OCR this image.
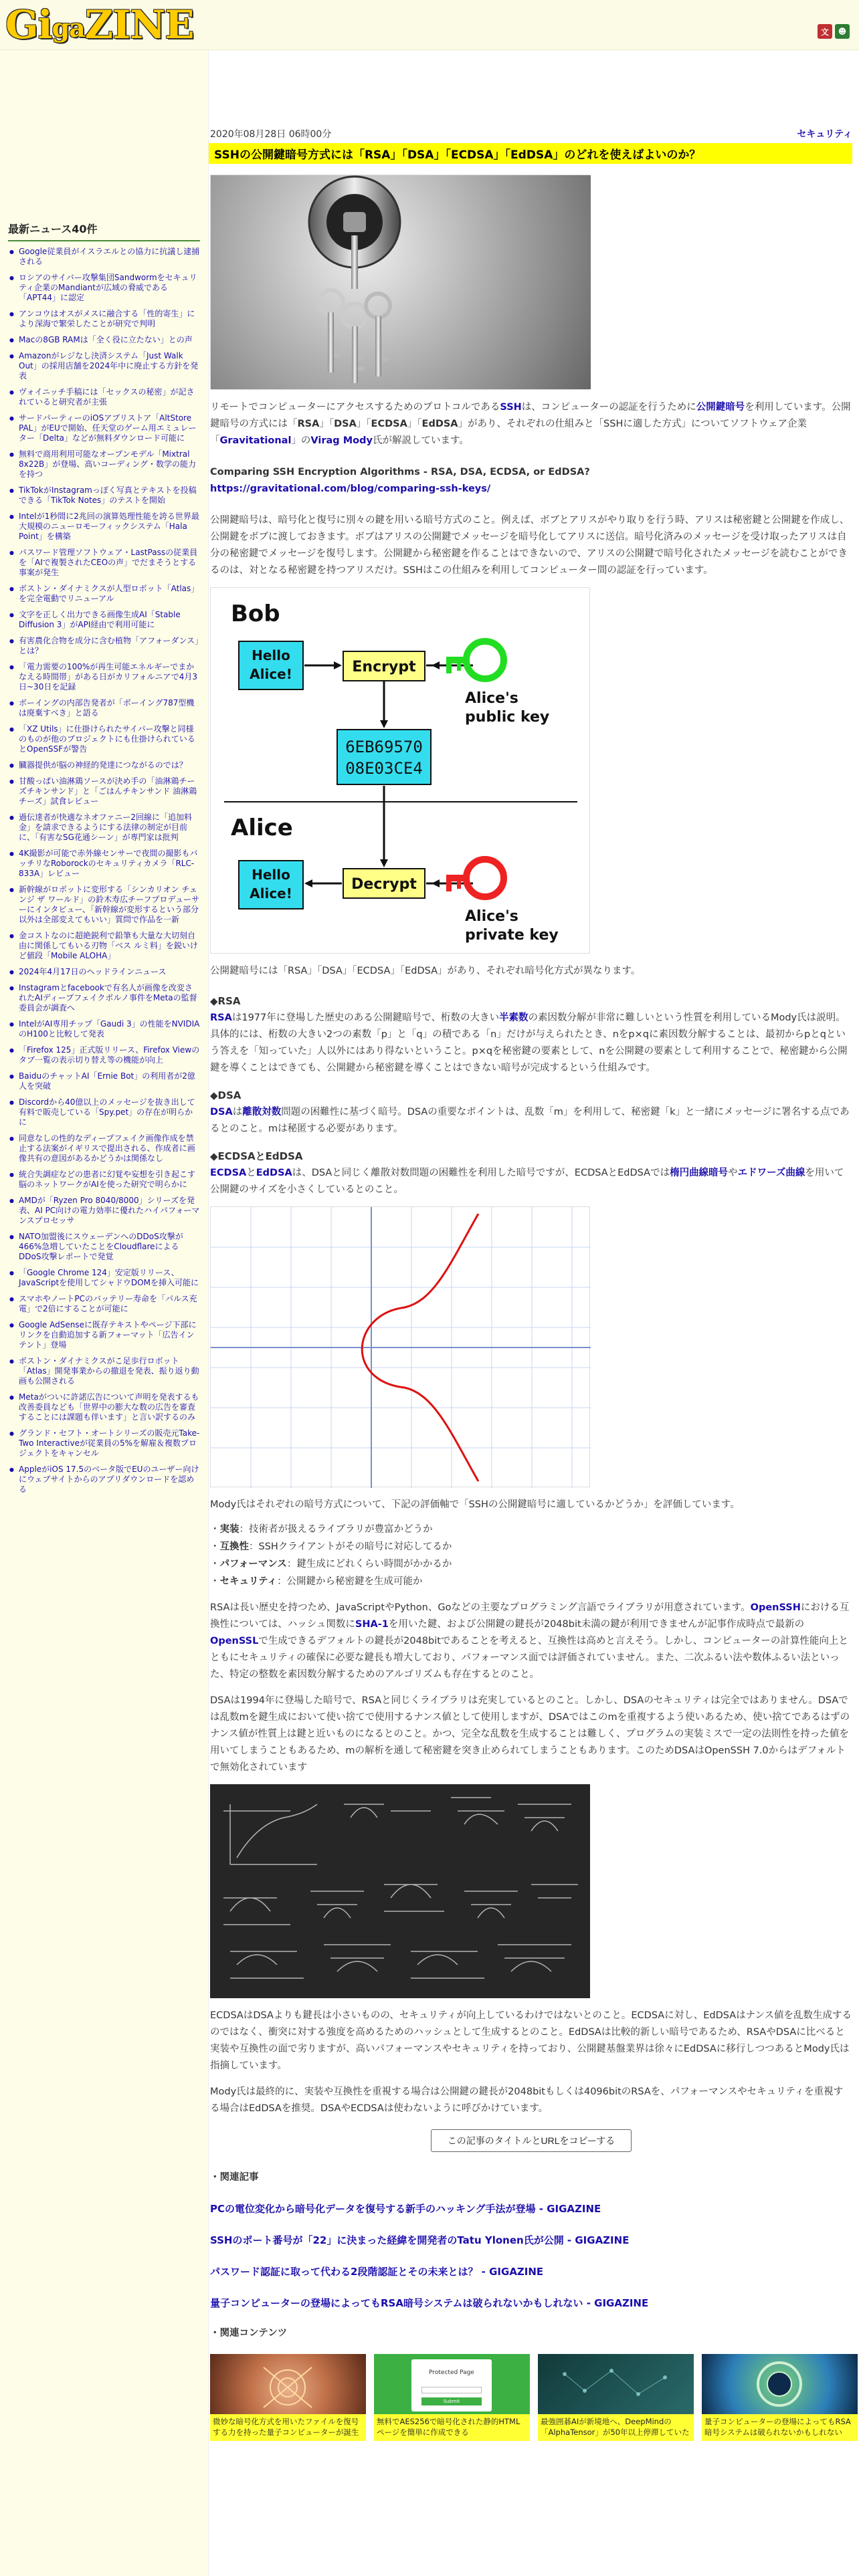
Gi ga ZINE	文	☻
最新ニュース40件
● Google従業員がイスラエルとの協力に抗議し逮捕される
● ロシアのサイバー攻撃集団Sandwormをセキュリティ企業のMandiantが広域の脅威である「APT44」に認定
● アンコウはオスがメスに融合する「性的寄生」により深海で繁栄したことが研究で判明
● Macの8GB RAMは「全く役に立たない」との声
● Amazonがレジなし決済システム「Just Walk Out」の採用店舗を2024年中に廃止する方針を発表
● ヴォイニッチ手稿には「セックスの秘密」が記されていると研究者が主張
● サードパーティーのiOSアプリストア「AltStore PAL」がEUで開始、任天堂のゲーム用エミュレーター「Delta」などが無料ダウンロード可能に
● 無料で商用利用可能なオープンモデル「Mixtral 8x22B」が登場、高いコーディング・数学の能力を持つ
● TikTokがInstagramっぽく写真とテキストを投稿できる「TikTok Notes」のテストを開始
● Intelが1秒間に2兆回の演算処理性能を誇る世界最大規模のニューロモーフィックシステム「Hala Point」を構築
● パスワード管理ソフトウェア・LastPassの従業員を「AIで複製されたCEOの声」でだまそうとする事案が発生
● ボストン・ダイナミクスが人型ロボット「Atlas」を完全電動でリニューアル
● 文字を正しく出力できる画像生成AI「Stable Diffusion 3」がAPI経由で利用可能に
● 有害農化合物を成分に含む植物「アフォーダンス」とは？
● 「電力需要の100%が再生可能エネルギーでまかなえる時間帯」がある日がカリフォルニアで4月3日~30日を記録
● ボーイングの内部告発者が「ボーイング787型機は廃棄すべき」と語る
● 「XZ Utils」に仕掛けられたサイバー攻撃と同様のものが他のプロジェクトにも仕掛けられているとOpenSSFが警告
● 臓器提供が脳の神経的発達につながるのでは？
● 甘酸っぱい油淋鶏ソースが決め手の「油淋鶏チーズチキンサンド」と「ごはんチキンサンド 油淋鶏チーズ」試食レビュー
● 過伝達者が快適なネオファニー2回線に「追加料金」を請求できるようにする法律の制定が目前に、「有害なSG花通シーン」が専門家は批判
● 4K撮影が可能で赤外線センサーで夜間の撮影もバッチリなRoborockのセキュリティカメラ「RLC-833A」レビュー
● 新幹線がロボットに変形する「シンカリオン チェンジ ザ ワールド」の鈴木寿広チーフプロデューサーにインタビュー、「新幹線が変形するという部分以外は全部変えてもいい」質問で作品を一新
● 金コストなのに超絶鋭利で鉛筆も大量な大切刻自由に関係してもいる刃物「ベス ルミ料」を鋭いけど値段「Mobile ALOHA」
● 2024年4月17日のヘッドラインニュース
● Instagramとfacebookで有名人が画像を改変されたAIディープフェイクポルノ事件をMetaの監督委員会が調査へ
● IntelがAI専用チップ「Gaudi 3」の性能をNVIDIAのH100と比較して発表
● 「Firefox 125」正式版リリース、Firefox Viewのタブ一覧の表示切り替え等の機能が向上
● BaiduのチャットAI「Ernie Bot」の利用者が2億人を突破
● Discordから40億以上のメッセージを抜き出して有料で販売している「Spy.pet」の存在が明らかに
● 同意なしの性的なディープフェイク画像作成を禁止する法案がイギリスで提出される、作成者に画像共有の意図があるかどうかは関係なし
● 統合失調症などの患者に幻覚や妄想を引き起こす脳のネットワークがAIを使った研究で明らかに
● AMDが「Ryzen Pro 8040/8000」シリーズを発表、AI PC向けの電力効率に優れたハイパフォーマンスプロセッサ
● NATO加盟後にスウェーデンへのDDoS攻撃が466%急増していたことをCloudflareによるDDoS攻撃レポートで発覚
● 「Google Chrome 124」安定版リリース、JavaScriptを使用してシャドウDOMを挿入可能に
● スマホやノートPCのバッテリー寿命を「パルス充電」で2倍にすることが可能に
● Google AdSenseに既存テキストやページ下部にリンクを自動追加する新フォーマット「広告インテント」登場
● ボストン・ダイナミクスがこ足歩行ロボット「Atlas」開発事業からの撤退を発表、振り返り動画も公開される
● Metaがついに許諾広告について声明を発表するも改善委員なども「世界中の膨大な数の広告を審査することには課題も伴います」と言い訳するのみ
● グランド・セフト・オートシリーズの販売元Take-Two Interactiveが従業員の5%を解雇＆複数プロジェクトをキャンセル
● AppleがiOS 17.5のベータ版でEUのユーザー向けにウェブサイトからのアプリダウンロードを認める
2020年08月28日 06時00分	セキュリティ
SSHの公開鍵暗号方式には「RSA」「DSA」「ECDSA」「EdDSA」のどれを使えばよいのか？

リモートでコンピューターにアクセスするためのプロトコルであるSSHは、コンピューターの認証を行うために公開鍵暗号を利用しています。公開鍵暗号の方式には「RSA」「DSA」「ECDSA」「EdDSA」があり、それぞれの仕組みと「SSHに適した方式」についてソフトウェア企業「Gravitational」のVirag Mody氏が解説しています。

Comparing SSH Encryption Algorithms - RSA, DSA, ECDSA, or EdDSA?
https://gravitational.com/blog/comparing-ssh-keys/

公開鍵暗号は、暗号化と復号に別々の鍵を用いる暗号方式のこと。例えば、ボブとアリスがやり取りを行う時、アリスは秘密鍵と公開鍵を作成し、公開鍵をボブに渡しておきます。ボブはアリスの公開鍵でメッセージを暗号化してアリスに送信。暗号化済みのメッセージを受け取ったアリスは自分の秘密鍵でメッセージを復号します。公開鍵から秘密鍵を作ることはできないので、アリスの公開鍵で暗号化されたメッセージを読むことができるのは、対となる秘密鍵を持つアリスだけ。SSHはこの仕組みを利用してコンピューター間の認証を行っています。

Bob
Hello
Alice!	Encrypt
Alice's
public key
6EB69570
08E03CE4
Alice
Hello
Alice!
Decrypt
Alice's
private key

公開鍵暗号には「RSA」「DSA」「ECDSA」「EdDSA」があり、それぞれ暗号化方式が異なります。

◆RSA
RSAは1977年に登場した歴史のある公開鍵暗号で、桁数の大きい半素数の素因数分解が非常に難しいという性質を利用しているMody氏は説明。具体的には、桁数の大きい2つの素数「p」と「q」の積である「n」だけが与えられたとき、nをp×qに素因数分解することは、最初からpとqという答えを「知っていた」人以外にはあり得ないということ。p×qを秘密鍵の要素として、nを公開鍵の要素として利用することで、秘密鍵から公開鍵を導くことはできても、公開鍵から秘密鍵を導くことはできない暗号が完成するという仕組みです。
◆DSA
DSAは離散対数問題の困難性に基づく暗号。DSAの重要なポイントは、乱数「m」を利用して、秘密鍵「k」と一緒にメッセージに署名する点であるとのこと。mは秘匿する必要があります。
◆ECDSAとEdDSA
ECDSAとEdDSAは、DSAと同じく離散対数問題の困難性を利用した暗号ですが、ECDSAとEdDSAでは楕円曲線暗号やエドワーズ曲線を用いて公開鍵のサイズを小さくしているとのこと。

Mody氏はそれぞれの暗号方式について、下記の評価軸で「SSHの公開鍵暗号に適しているかどうか」を評価しています。

・実装：技術者が扱えるライブラリが豊富かどうか
・互換性：SSHクライアントがその暗号に対応してるか
・パフォーマンス：鍵生成にどれくらい時間がかかるか
・セキュリティ：公開鍵から秘密鍵を生成可能か

RSAは長い歴史を持つため、JavaScriptやPython、Goなどの主要なプログラミング言語でライブラリが用意されています。OpenSSHにおける互換性については、ハッシュ関数にSHA-1を用いた鍵、および公開鍵の鍵長が2048bit未満の鍵が利用できませんが記事作成時点で最新のOpenSSLで生成できるデフォルトの鍵長が2048bitであることを考えると、互換性は高めと言えそう。しかし、コンピューターの計算性能向上とともにセキュリティの確保に必要な鍵長も増大しており、パフォーマンス面では評価されていません。また、二次ふるい法や数体ふるい法といった、特定の整数を素因数分解するためのアルゴリズムも存在するとのこと。

DSAは1994年に登場した暗号で、RSAと同じくライブラリは充実しているとのこと。しかし、DSAのセキュリティは完全ではありません。DSAでは乱数mを鍵生成において使い捨てで使用するナンス値として使用しますが、DSAではこのmを重複するよう使いあるため、使い捨てであるはずのナンス値が性質上は鍵と近いものになるとのこと。かつ、完全な乱数を生成することは難しく、プログラムの実装ミスで一定の法則性を持った値を用いてしまうこともあるため、mの解析を通して秘密鍵を突き止められてしまうこともあります。このためDSAはOpenSSH 7.0からはデフォルトで無効化されています

ECDSAはDSAよりも鍵長は小さいものの、セキュリティが向上しているわけではないとのこと。ECDSAに対し、EdDSAはナンス値を乱数生成するのではなく、衝突に対する強度を高めるためのハッシュとして生成するとのこと。EdDSAは比較的新しい暗号であるため、RSAやDSAに比べると実装や互換性の面で劣りますが、高いパフォーマンスやセキュリティを持っており、公開鍵基盤業界は徐々にEdDSAに移行しつつあるとMody氏は指摘しています。

Mody氏は最終的に、実装や互換性を重視する場合は公開鍵の鍵長が2048bitもしくは4096bitのRSAを、パフォーマンスやセキュリティを重視する場合はEdDSAを推奨。DSAやECDSAは使わないように呼びかけています。

この記事のタイトルとURLをコピーする
・関連記事
PCの電位変化から暗号化データを復号する新手のハッキング手法が登場 - GIGAZINE
SSHのポート番号が「22」に決まった経緯を開発者のTatu Ylonen氏が公開 - GIGAZINE
パスワード認証に取って代わる2段階認証とその未来とは？ - GIGAZINE
量子コンピューターの登場によってもRSA暗号システムは破られないかもしれない - GIGAZINE
・関連コンテンツ
微妙な暗号化方式を用いたファイルを復号する力を持った量子コンピューターが誕生
Protected Page
Submit
無料でAES256で暗号化された静的HTMLページを簡単に作成できる
最強囲碁AIが新境地へ、DeepMindの「AlphaTensor」が50年以上停滞していた
量子コンピューターの登場によってもRSA暗号システムは破られないかもしれない
